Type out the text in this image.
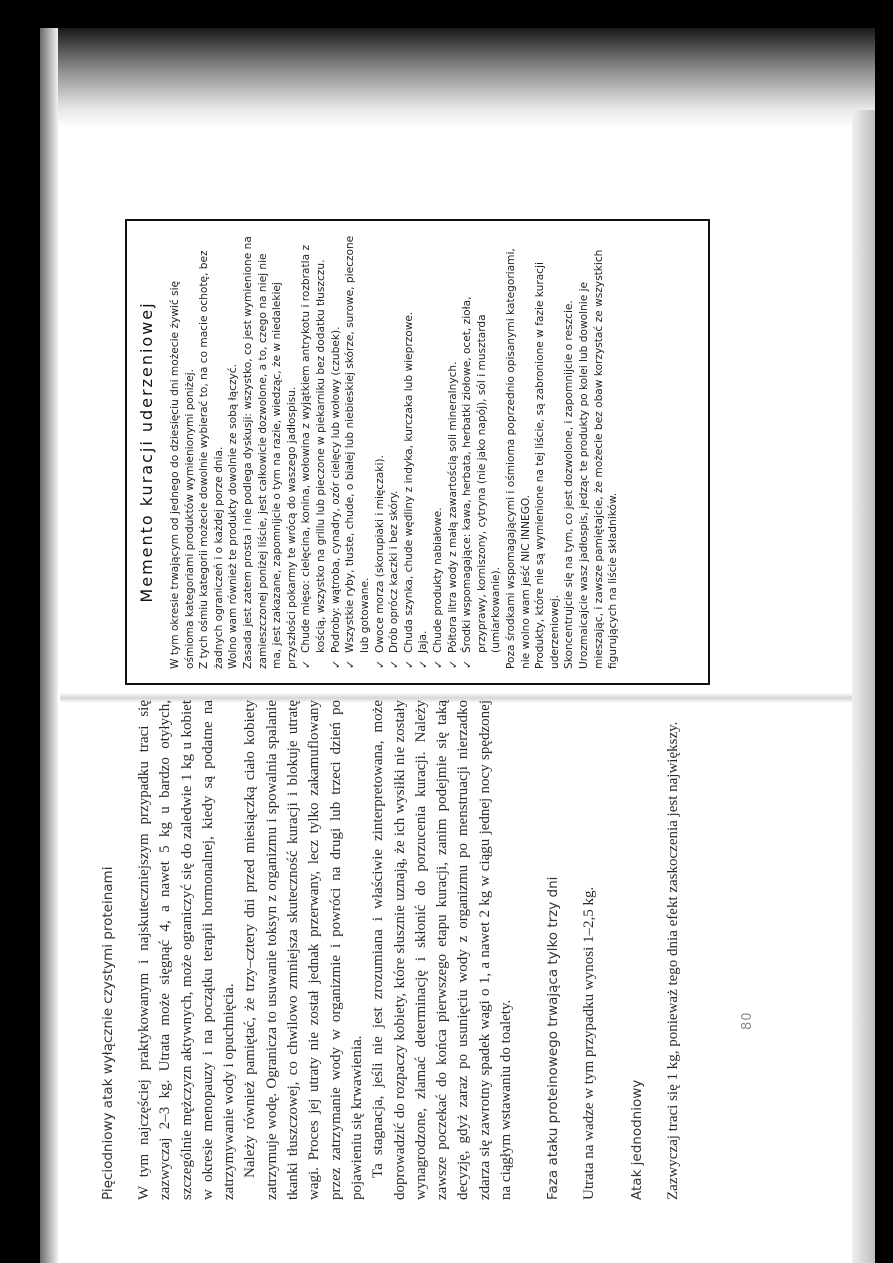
Pięciodniowy atak wyłącznie czystymi proteinami W tym najczęściej praktykowanym i najskuteczniejszym przypadku traci się zazwyczaj 2–3 kg. Utrata może sięgnąć 4, a nawet 5 kg u bardzo otyłych, szczególnie mężczyzn aktywnych, może ograniczyć się do zaledwie 1 kg u kobiet w okresie menopauzy i na początku terapii hormonalnej, kiedy są podatne na zatrzymywanie wody i opuchnięcia. Należy również pamiętać, że trzy–cztery dni przed miesiączką ciało kobiety zatrzymuje wodę. Ogranicza to usuwanie toksyn z organizmu i spowalnia spalanie tkanki tłuszczowej, co chwilowo zmniejsza skuteczność kuracji i blokuje utratę wagi. Proces jej utraty nie został jednak przerwany, lecz tylko zakamuflowany przez zatrzymanie wody w organizmie i powróci na drugi lub trzeci dzień po pojawieniu się krwawienia. Ta stagnacja, jeśli nie jest zrozumiana i właściwie zinterpretowana, może doprowadzić do rozpaczy kobiety, które słusznie uznają, że ich wysiłki nie zostały wynagrodzone, złamać determinację i skłonić do porzucenia kuracji. Należy zawsze poczekać do końca pierwszego etapu kuracji, zanim podejmie się taką decyzję, gdyż zaraz po usunięciu wody z organizmu po menstruacji nierzadko zdarza się zawrotny spadek wagi o 1, a nawet 2 kg w ciągu jednej nocy spędzonej na ciągłym wstawaniu do toalety. Faza ataku proteinowego trwająca tylko trzy dni Utrata na wadze w tym przypadku wynosi 1–2,5 kg. Atak jednodniowy Zazwyczaj traci się 1 kg, ponieważ tego dnia efekt zaskoczenia jest największy.	80
Memento kuracji uderzeniowej W tym okresie trwającym od jednego do dziesięciu dni możecie żywić się ośmioma kategoriami produktów wymienionymi poniżej. Z tych ośmiu kategorii możecie dowolnie wybierać to, na co macie ochotę, bez żadnych ograniczeń i o każdej porze dnia. Wolno wam również te produkty dowolnie ze sobą łączyć. Zasada jest zatem prosta i nie podlega dyskusji: wszystko, co jest wymienione na zamieszczonej poniżej liście, jest całkowicie dozwolone, a to, czego na niej nie ma, jest zakazane, zapomnijcie o tym na razie, wiedząc, że w niedalekiej przyszłości pokarmy te wrócą do waszego jadłospisu. ✓
Chude mięso: cielęcina, konina, wołowina z wyjątkiem antrykotu i rozbratla z kością, wszystko na grillu lub pieczone w piekarniku bez dodatku tłuszczu.
✓
Podroby: wątroba, cynadry, ozór cielęcy lub wołowy (czubek).
✓
Wszystkie ryby, tłuste, chude, o białej lub niebieskiej skórze, surowe, pieczone lub gotowane.
✓
Owoce morza (skorupiaki i mięczaki).
✓
Drób oprócz kaczki i bez skóry.
✓
Chuda szynka, chude wędliny z indyka, kurczaka lub wieprzowe.
✓
Jaja.
✓
Chude produkty nabiałowe.
✓
Półtora litra wody z małą zawartością soli mineralnych.
✓
Środki wspomagające: kawa, herbata, herbatki ziołowe, ocet, zioła, przyprawy, korniszony, cytryna (nie jako napój), sól i musztarda (umiarkowanie). Poza środkami wspomagającymi i ośmioma poprzednio opisanymi kategoriami, nie wolno wam jeść NIC INNEGO. Produkty, które nie są wymienione na tej liście, są zabronione w fazie kuracji uderzeniowej. Skoncentrujcie się na tym, co jest dozwolone, i zapomnijcie o reszcie. Urozmaicajcie wasz jadłospis, jedząc te produkty po kolei lub dowolnie je mieszając, i zawsze pamiętajcie, że możecie bez obaw korzystać ze wszystkich figurujących na liście składników.
